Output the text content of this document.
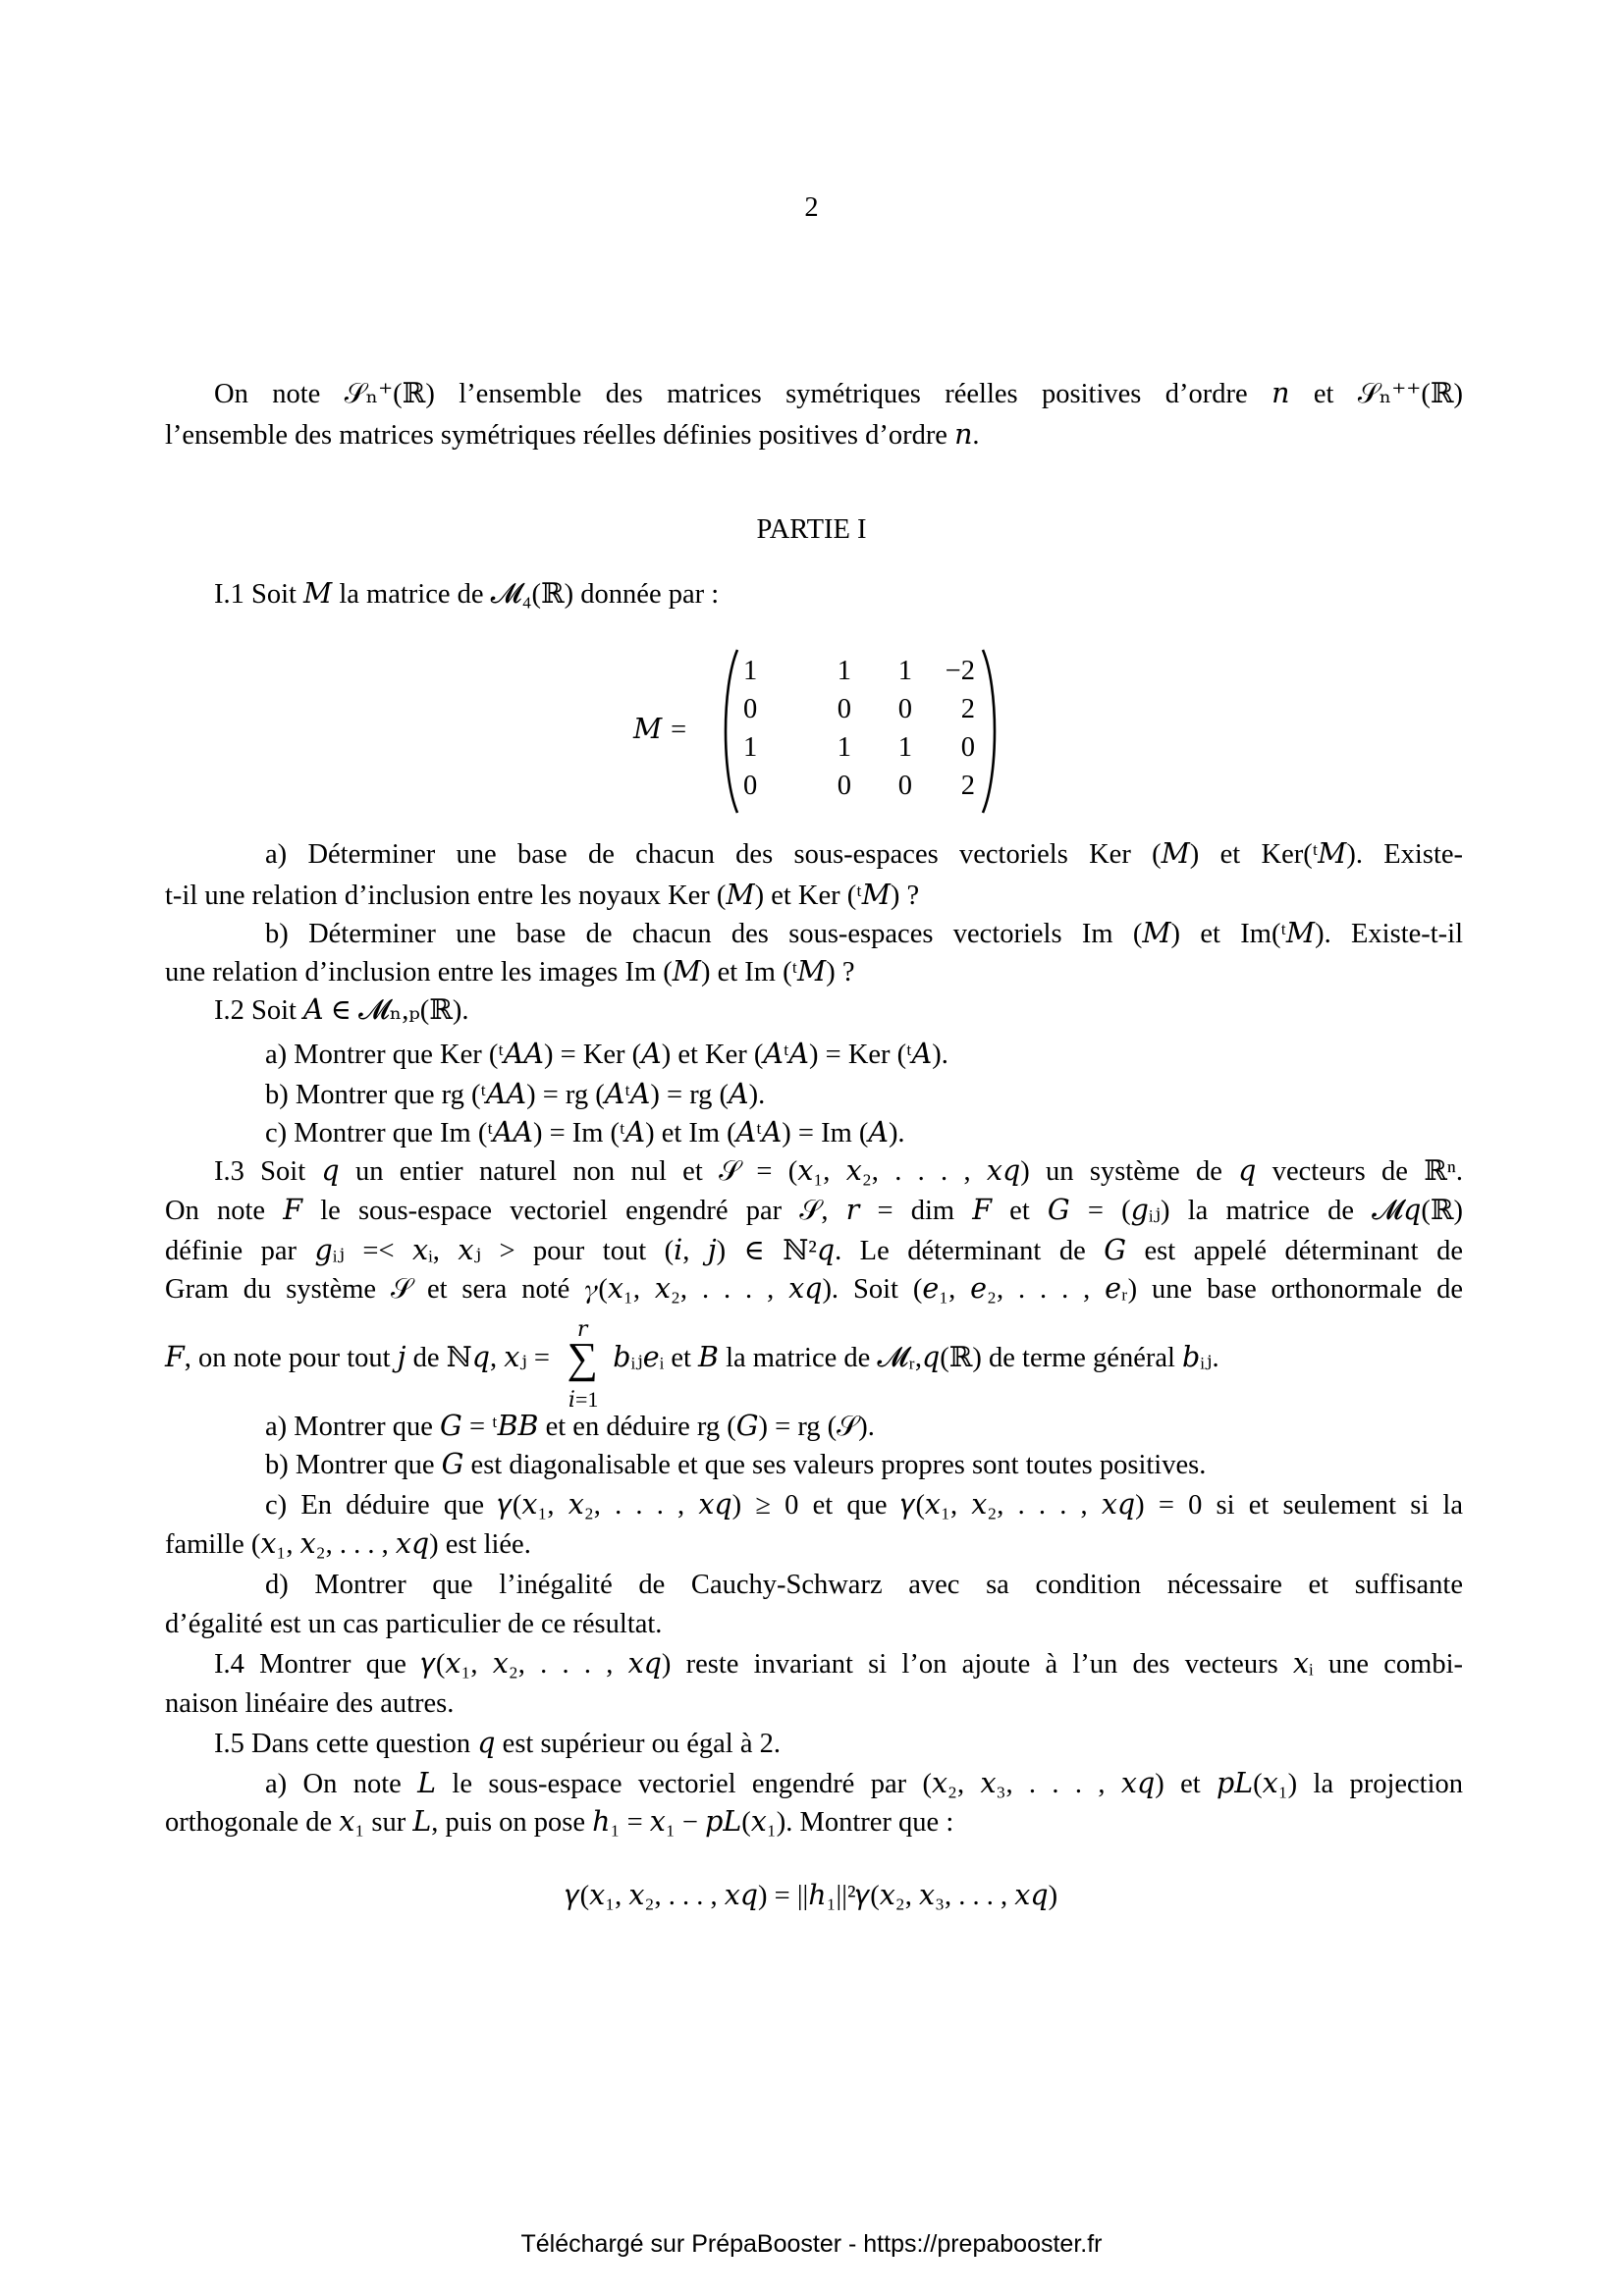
2
On note 𝒮ₙ⁺(ℝ) l’ensemble des matrices symétriques réelles positives d’ordre 𝑛 et 𝒮ₙ⁺⁺(ℝ)
l’ensemble des matrices symétriques réelles définies positives d’ordre 𝑛.
PARTIE I
I.1 Soit 𝑀 la matrice de 𝓜₄(ℝ) donnée par :
𝑀 =
1	1	1	−2
0	0	0	2
1	1	1	0
0	0	0	2
a) Déterminer une base de chacun des sous-espaces vectoriels Ker (𝑀) et Ker(ᵗ𝑀). Existe-
t-il une relation d’inclusion entre les noyaux Ker (𝑀) et Ker (ᵗ𝑀) ?
b) Déterminer une base de chacun des sous-espaces vectoriels Im (𝑀) et Im(ᵗ𝑀). Existe-t-il
une relation d’inclusion entre les images Im (𝑀) et Im (ᵗ𝑀) ?
I.2 Soit 𝐴 ∈ 𝓜ₙ,ₚ(ℝ).
a) Montrer que Ker (ᵗ𝐴𝐴) = Ker (𝐴) et Ker (𝐴ᵗ𝐴) = Ker (ᵗ𝐴).
b) Montrer que rg (ᵗ𝐴𝐴) = rg (𝐴ᵗ𝐴) = rg (𝐴).
c) Montrer que Im (ᵗ𝐴𝐴) = Im (ᵗ𝐴) et Im (𝐴ᵗ𝐴) = Im (𝐴).
I.3 Soit 𝑞 un entier naturel non nul et 𝒮 = (𝑥₁, 𝑥₂, . . . , 𝑥𝑞) un système de 𝑞 vecteurs de ℝⁿ.
On note 𝐹 le sous-espace vectoriel engendré par 𝒮, 𝑟 = dim 𝐹 et 𝐺 = (𝑔ᵢⱼ) la matrice de 𝓜𝑞(ℝ)
définie par 𝑔ᵢⱼ =< 𝑥ᵢ, 𝑥ⱼ > pour tout (𝑖, 𝑗) ∈ ℕ²𝑞. Le déterminant de 𝐺 est appelé déterminant de
Gram du système 𝒮 et sera noté 𝛾(𝑥₁, 𝑥₂, . . . , 𝑥𝑞). Soit (𝑒₁, 𝑒₂, . . . , 𝑒ᵣ) une base orthonormale de
𝐹, on note pour tout 𝑗 de ℕ𝑞, 𝑥ⱼ =
𝑟
∑
𝑖=1
𝑏ᵢⱼ𝑒ᵢ et 𝐵 la matrice de 𝓜ᵣ,𝑞(ℝ) de terme général 𝑏ᵢⱼ.
a) Montrer que 𝐺 = ᵗ𝐵𝐵 et en déduire rg (𝐺) = rg (𝒮).
b) Montrer que 𝐺 est diagonalisable et que ses valeurs propres sont toutes positives.
c) En déduire que 𝛾(𝑥₁, 𝑥₂, . . . , 𝑥𝑞) ≥ 0 et que 𝛾(𝑥₁, 𝑥₂, . . . , 𝑥𝑞) = 0 si et seulement si la
famille (𝑥₁, 𝑥₂, . . . , 𝑥𝑞) est liée.
d) Montrer que l’inégalité de Cauchy-Schwarz avec sa condition nécessaire et suffisante
d’égalité est un cas particulier de ce résultat.
I.4 Montrer que 𝛾(𝑥₁, 𝑥₂, . . . , 𝑥𝑞) reste invariant si l’on ajoute à l’un des vecteurs 𝑥ᵢ une combi-
naison linéaire des autres.
I.5 Dans cette question 𝑞 est supérieur ou égal à 2.
a) On note 𝐿 le sous-espace vectoriel engendré par (𝑥₂, 𝑥₃, . . . , 𝑥𝑞) et 𝑝𝐿(𝑥₁) la projection
orthogonale de 𝑥₁ sur 𝐿, puis on pose ℎ₁ = 𝑥₁ − 𝑝𝐿(𝑥₁). Montrer que :
𝛾(𝑥₁, 𝑥₂, . . . , 𝑥𝑞) = ||ℎ₁||²𝛾(𝑥₂, 𝑥₃, . . . , 𝑥𝑞)
Téléchargé sur PrépaBooster - https://prepabooster.fr
